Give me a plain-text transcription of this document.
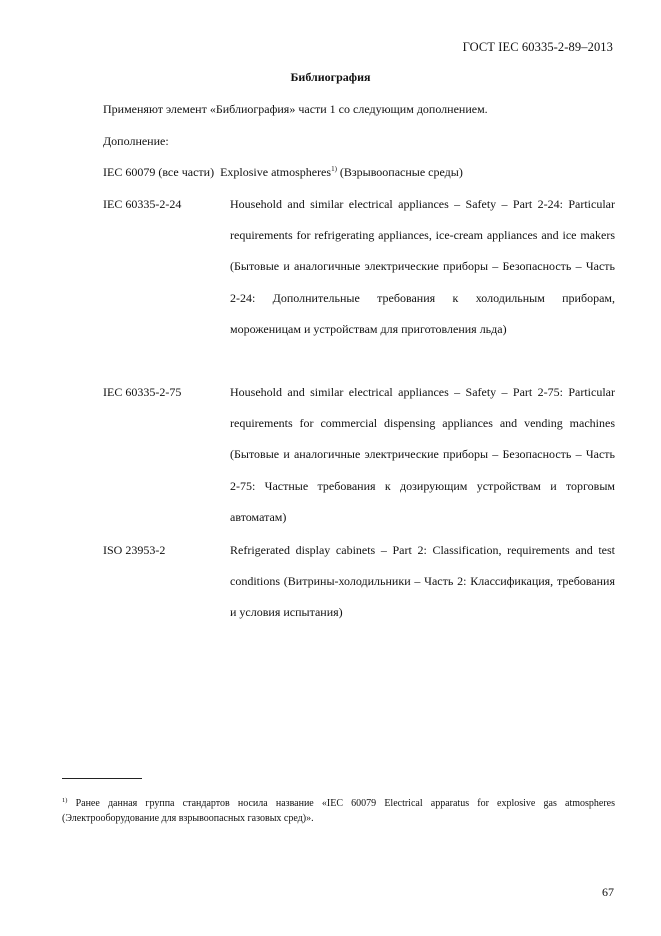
ГОСТ IEC 60335-2-89–2013
Библиография
Применяют элемент «Библиография» части 1 со следующим дополнением.
Дополнение:
IEC 60079 (все части) Explosive atmospheres$^{1)}$ (Взрывоопасные среды)
IEC 60335-2-24	Household and similar electrical appliances – Safety – Part 2-24: Particular requirements for refrigerating appliances, ice-cream appliances and ice makers (Бытовые и аналогичные электрические приборы – Безопасность – Часть 2-24: Дополнительные требования к холодильным приборам, мороженицам и устройствам для приготовления льда)
IEC 60335-2-75	Household and similar electrical appliances – Safety – Part 2-75: Particular requirements for commercial dispensing appliances and vending machines (Бытовые и аналогичные электрические приборы – Безопасность – Часть 2-75: Частные требования к дозирующим устройствам и торговым автоматам)
ISO 23953-2	Refrigerated display cabinets – Part 2: Classification, requirements and test conditions (Витрины-холодильники – Часть 2: Классификация, требования и условия испытания)
$^{1)}$ Ранее данная группа стандартов носила название «IEC 60079 Electrical apparatus for explosive gas atmospheres (Электрооборудование для взрывоопасных газовых сред)».
67
